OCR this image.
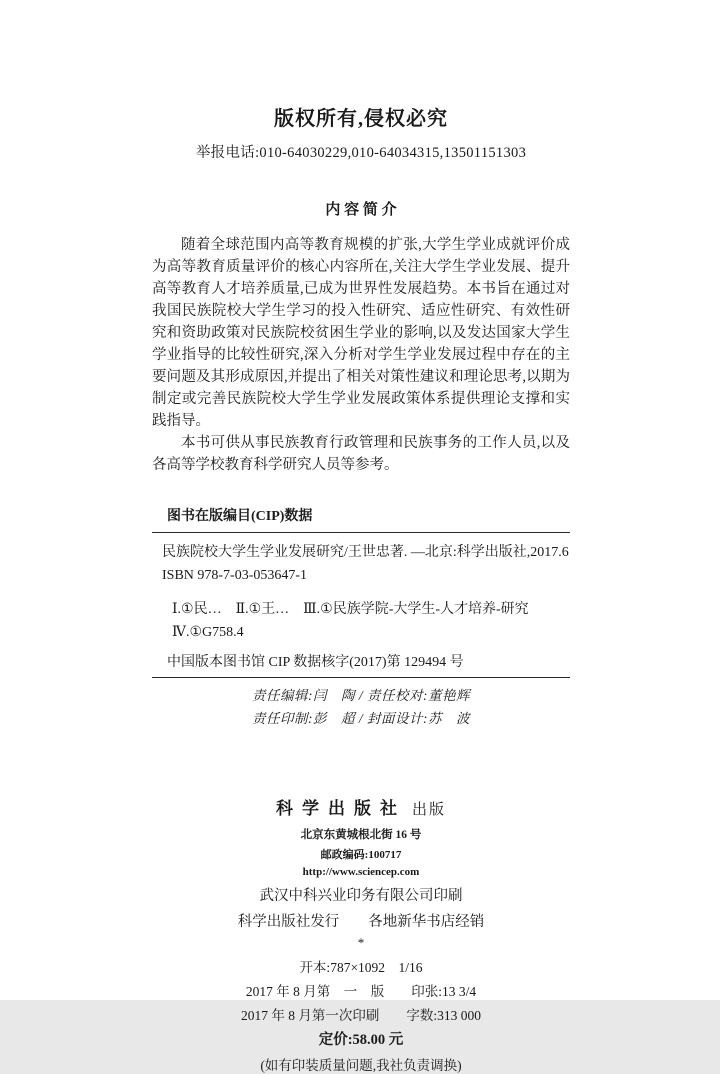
版权所有,侵权必究
举报电话:010-64030229,010-64034315,13501151303
内 容 简 介

随着全球范围内高等教育规模的扩张,大学生学业成就评价成为高等教育质量评价的核心内容所在,关注大学生学业发展、提升高等教育人才培养质量,已成为世界性发展趋势。本书旨在通过对我国民族院校大学生学习的投入性研究、适应性研究、有效性研究和资助政策对民族院校贫困生学业的影响,以及发达国家大学生学业指导的比较性研究,深入分析对学生学业发展过程中存在的主要问题及其形成原因,并提出了相关对策性建议和理论思考,以期为制定或完善民族院校大学生学业发展政策体系提供理论支撑和实践指导。

本书可供从事民族教育行政管理和民族事务的工作人员,以及各高等学校教育科学研究人员等参考。

图书在版编目(CIP)数据
民族院校大学生学业发展研究/王世忠著. —北京:科学出版社,2017.6
ISBN 978-7-03-053647-1
Ⅰ.①民…　Ⅱ.①王…　Ⅲ.①民族学院-大学生-人才培养-研究
Ⅳ.①G758.4
中国版本图书馆 CIP 数据核字(2017)第 129494 号
责任编辑:闫　陶 / 责任校对:董艳辉
责任印制:彭　超 / 封面设计:苏　波
科学出版社 出版
北京东黄城根北街 16 号
邮政编码:100717
http://www.sciencep.com
武汉中科兴业印务有限公司印刷
科学出版社发行　　各地新华书店经销
*
开本:787×1092　1/16
2017 年 8 月第　一　版　　印张:13 3/4
2017 年 8 月第一次印刷　　字数:313 000
定价:58.00 元
(如有印装质量问题,我社负责调换)
